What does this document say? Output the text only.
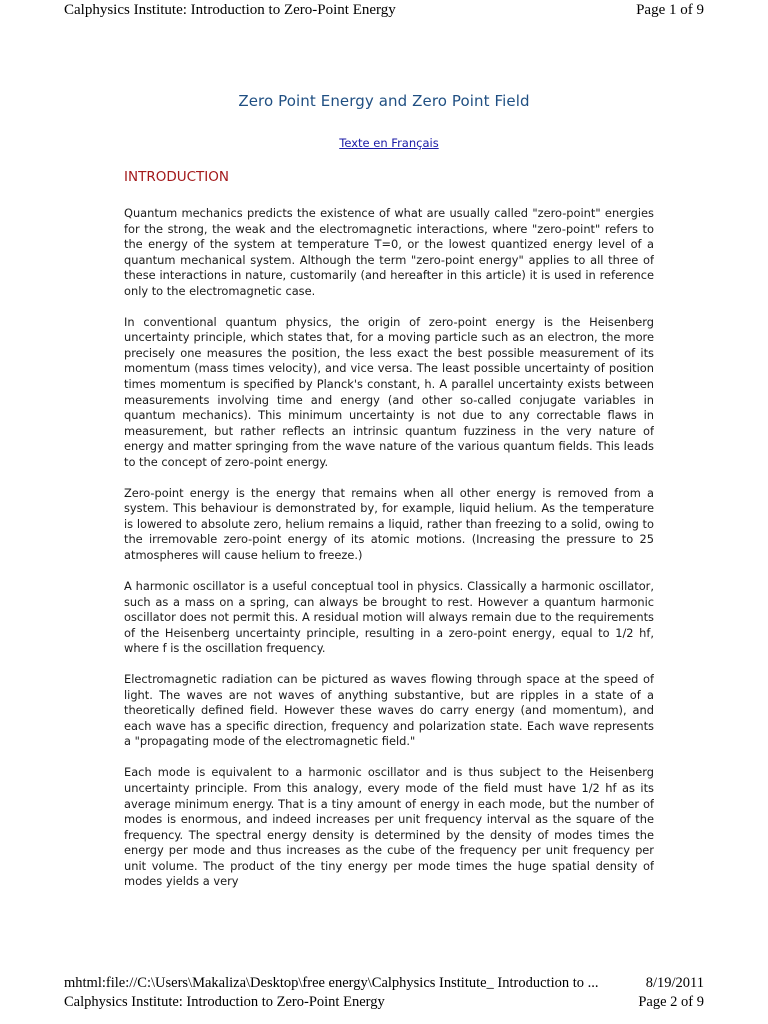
Calphysics Institute: Introduction to Zero-Point Energy	Page 1 of 9
Zero Point Energy and Zero Point Field
Texte en Français
INTRODUCTION

Quantum mechanics predicts the existence of what are usually called "zero-point" energies for the strong, the weak and the electromagnetic interactions, where "zero-point" refers to the energy of the system at temperature T=0, or the lowest quantized energy level of a quantum mechanical system. Although the term "zero-point energy" applies to all three of these interactions in nature, customarily (and hereafter in this article) it is used in reference only to the electromagnetic case.

In conventional quantum physics, the origin of zero-point energy is the Heisenberg uncertainty principle, which states that, for a moving particle such as an electron, the more precisely one measures the position, the less exact the best possible measurement of its momentum (mass times velocity), and vice versa. The least possible uncertainty of position times momentum is specified by Planck's constant, h. A parallel uncertainty exists between measurements involving time and energy (and other so-called conjugate variables in quantum mechanics). This minimum uncertainty is not due to any correctable flaws in measurement, but rather reflects an intrinsic quantum fuzziness in the very nature of energy and matter springing from the wave nature of the various quantum fields. This leads to the concept of zero-point energy.

Zero-point energy is the energy that remains when all other energy is removed from a system. This behaviour is demonstrated by, for example, liquid helium. As the temperature is lowered to absolute zero, helium remains a liquid, rather than freezing to a solid, owing to the irremovable zero-point energy of its atomic motions. (Increasing the pressure to 25 atmospheres will cause helium to freeze.)

A harmonic oscillator is a useful conceptual tool in physics. Classically a harmonic oscillator, such as a mass on a spring, can always be brought to rest. However a quantum harmonic oscillator does not permit this. A residual motion will always remain due to the requirements of the Heisenberg uncertainty principle, resulting in a zero-point energy, equal to 1/2 hf, where f is the oscillation frequency.

Electromagnetic radiation can be pictured as waves flowing through space at the speed of light. The waves are not waves of anything substantive, but are ripples in a state of a theoretically defined field. However these waves do carry energy (and momentum), and each wave has a specific direction, frequency and polarization state. Each wave represents a "propagating mode of the electromagnetic field."

Each mode is equivalent to a harmonic oscillator and is thus subject to the Heisenberg uncertainty principle. From this analogy, every mode of the field must have 1/2 hf as its average minimum energy. That is a tiny amount of energy in each mode, but the number of modes is enormous, and indeed increases per unit frequency interval as the square of the frequency. The spectral energy density is determined by the density of modes times the energy per mode and thus increases as the cube of the frequency per unit frequency per unit volume. The product of the tiny energy per mode times the huge spatial density of modes yields a very

mhtml:file://C:\Users\Makaliza\Desktop\free energy\Calphysics Institute_ Introduction to ...	8/19/2011
Calphysics Institute: Introduction to Zero-Point Energy	Page 2 of 9
